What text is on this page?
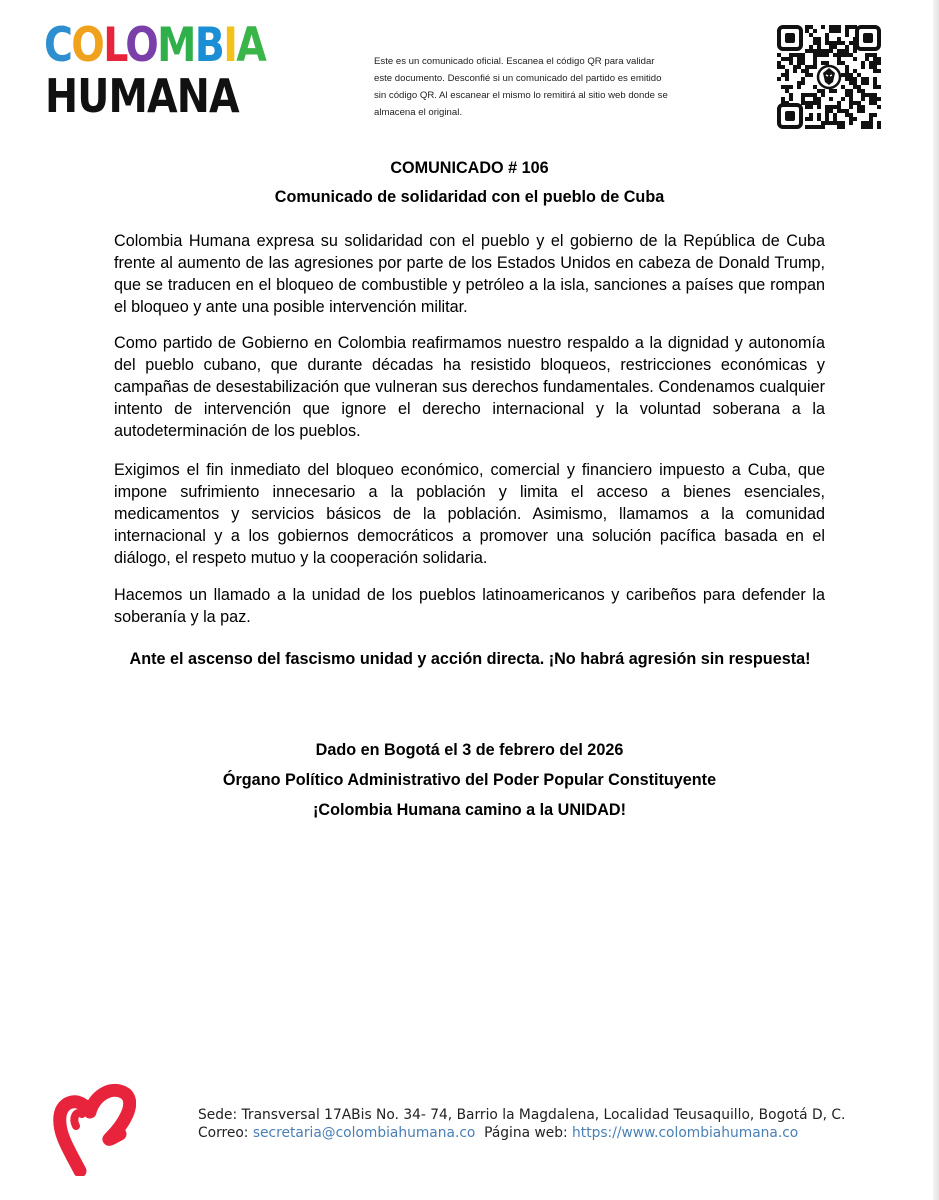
COLOMBIA
HUMANA
Este es un comunicado oficial. Escanea el código QR para validar
este documento. Desconfié si un comunicado del partido es emitido
sin código QR. Al escanear el mismo lo remitirá al sitio web donde se
almacena el original.
COMUNICADO # 106
Comunicado de solidaridad con el pueblo de Cuba

Colombia Humana expresa su solidaridad con el pueblo y el gobierno de la República de Cuba frente al aumento de las agresiones por parte de los Estados Unidos en cabeza de Donald Trump, que se traducen en el bloqueo de combustible y petróleo a la isla, sanciones a países que rompan el bloqueo y ante una posible intervención militar.

Como partido de Gobierno en Colombia reafirmamos nuestro respaldo a la dignidad y autonomía del pueblo cubano, que durante décadas ha resistido bloqueos, restricciones económicas y campañas de desestabilización que vulneran sus derechos fundamentales. Condenamos cualquier intento de intervención que ignore el derecho internacional y la voluntad soberana a la autodeterminación de los pueblos.

Exigimos el fin inmediato del bloqueo económico, comercial y financiero impuesto a Cuba, que impone sufrimiento innecesario a la población y limita el acceso a bienes esenciales, medicamentos y servicios básicos de la población. Asimismo, llamamos a la comunidad internacional y a los gobiernos democráticos a promover una solución pacífica basada en el diálogo, el respeto mutuo y la cooperación solidaria.

Hacemos un llamado a la unidad de los pueblos latinoamericanos y caribeños para defender la soberanía y la paz.

Ante el ascenso del fascismo unidad y acción directa. ¡No habrá agresión sin respuesta!
Dado en Bogotá el 3 de febrero del 2026
Órgano Político Administrativo del Poder Popular Constituyente
¡Colombia Humana camino a la UNIDAD!
Sede: Transversal 17ABis No. 34- 74, Barrio la Magdalena, Localidad Teusaquillo, Bogotá D, C.
Correo: secretaria@colombiahumana.co  Página web: https://www.colombiahumana.co
